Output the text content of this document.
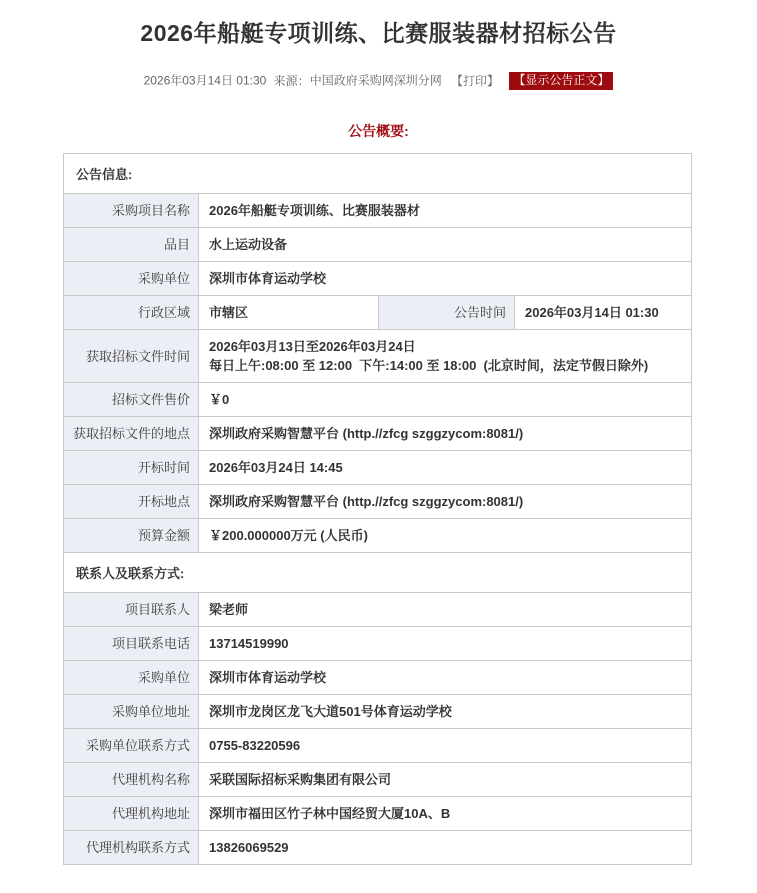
2026年船艇专项训练、比赛服装器材招标公告
2026年03月14日 01:30 来源：中国政府采购网深圳分网 【打印】 【显示公告正文】
公告概要:
公告信息:			
采购项目名称	2026年船艇专项训练、比赛服装器材		
品目	水上运动设备		
采购单位	深圳市体育运动学校		
行政区域	市辖区	公告时间	2026年03月14日 01:30
获取招标文件时间	2026年03月13日至2026年03月24日
每日上午:08:00 至 12:00  下午:14:00 至 18:00  (北京时间，法定节假日除外)		

招标文件售价	￥0		
获取招标文件的地点	深圳政府采购智慧平台 (http.//zfcg szggzycom:8081/)		
开标时间	2026年03月24日 14:45		
开标地点	深圳政府采购智慧平台 (http.//zfcg szggzycom:8081/)		
预算金额	￥200.000000万元 (人民币)		
联系人及联系方式:			
项目联系人	梁老师		
项目联系电话	13714519990		
采购单位	深圳市体育运动学校		
采购单位地址	深圳市龙岗区龙飞大道501号体育运动学校		
采购单位联系方式	0755-83220596		
代理机构名称	采联国际招标采购集团有限公司		
代理机构地址	深圳市福田区竹子林中国经贸大厦10A、B		
代理机构联系方式	13826069529		
